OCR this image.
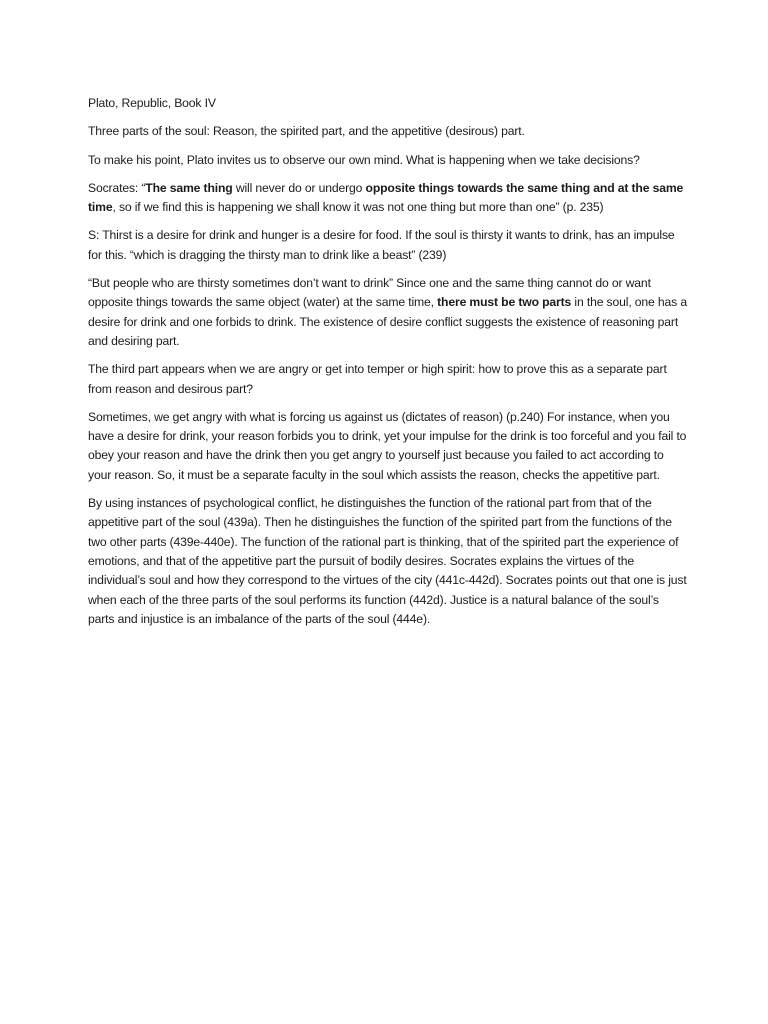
Plato, Republic, Book IV

Three parts of the soul: Reason, the spirited part, and the appetitive (desirous) part.

To make his point, Plato invites us to observe our own mind. What is happening when we take decisions?

Socrates: “The same thing will never do or undergo opposite things towards the same thing and at the same time, so if we find this is happening we shall know it was not one thing but more than one” (p. 235)

S: Thirst is a desire for drink and hunger is a desire for food. If the soul is thirsty it wants to drink, has an impulse for this. “which is dragging the thirsty man to drink like a beast” (239)

“But people who are thirsty sometimes don’t want to drink” Since one and the same thing cannot do or want opposite things towards the same object (water) at the same time, there must be two parts in the soul, one has a desire for drink and one forbids to drink. The existence of desire conflict suggests the existence of reasoning part and desiring part.

The third part appears when we are angry or get into temper or high spirit: how to prove this as a separate part from reason and desirous part?

Sometimes, we get angry with what is forcing us against us (dictates of reason) (p.240) For instance, when you have a desire for drink, your reason forbids you to drink, yet your impulse for the drink is too forceful and you fail to obey your reason and have the drink then you get angry to yourself just because you failed to act according to your reason. So, it must be a separate faculty in the soul which assists the reason, checks the appetitive part.

By using instances of psychological conflict, he distinguishes the function of the rational part from that of the appetitive part of the soul (439a). Then he distinguishes the function of the spirited part from the functions of the two other parts (439e-440e). The function of the rational part is thinking, that of the spirited part the experience of emotions, and that of the appetitive part the pursuit of bodily desires. Socrates explains the virtues of the individual’s soul and how they correspond to the virtues of the city (441c-442d). Socrates points out that one is just when each of the three parts of the soul performs its function (442d). Justice is a natural balance of the soul’s parts and injustice is an imbalance of the parts of the soul (444e).
